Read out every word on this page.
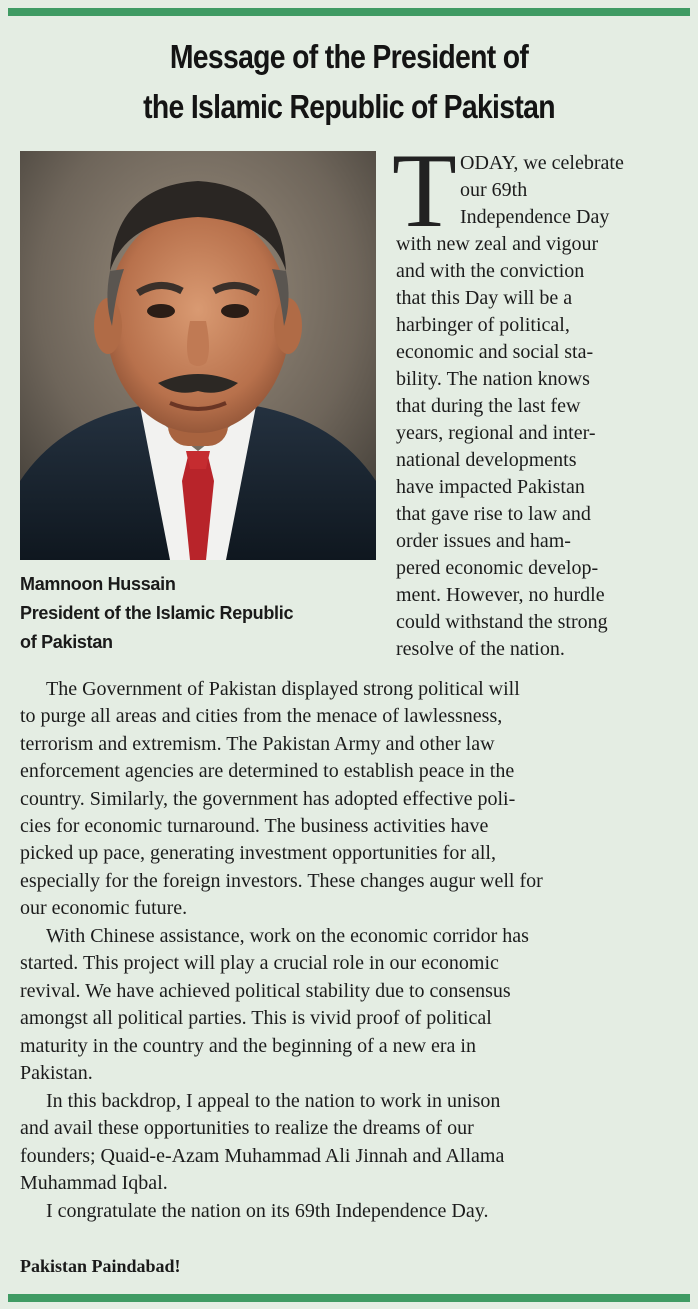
Message of the President of
the Islamic Republic of Pakistan
Mamnoon Hussain
President of the Islamic Republic
of Pakistan
T ODAY, we celebrate
our 69th
Independence Day
with new zeal and vigour
and with the conviction
that this Day will be a
harbinger of political,
economic and social sta-
bility. The nation knows
that during the last few
years, regional and inter-
national developments
have impacted Pakistan
that gave rise to law and
order issues and ham-
pered economic develop-
ment. However, no hurdle
could withstand the strong
resolve of the nation.
The Government of Pakistan displayed strong political will
to purge all areas and cities from the menace of lawlessness,
terrorism and extremism. The Pakistan Army and other law
enforcement agencies are determined to establish peace in the
country. Similarly, the government has adopted effective poli-
cies for economic turnaround. The business activities have
picked up pace, generating investment opportunities for all,
especially for the foreign investors. These changes augur well for
our economic future.
With Chinese assistance, work on the economic corridor has
started. This project will play a crucial role in our economic
revival. We have achieved political stability due to consensus
amongst all political parties. This is vivid proof of political
maturity in the country and the beginning of a new era in
Pakistan.
In this backdrop, I appeal to the nation to work in unison
and avail these opportunities to realize the dreams of our
founders; Quaid-e-Azam Muhammad Ali Jinnah and Allama
Muhammad Iqbal.
I congratulate the nation on its 69th Independence Day.
Pakistan Paindabad!
